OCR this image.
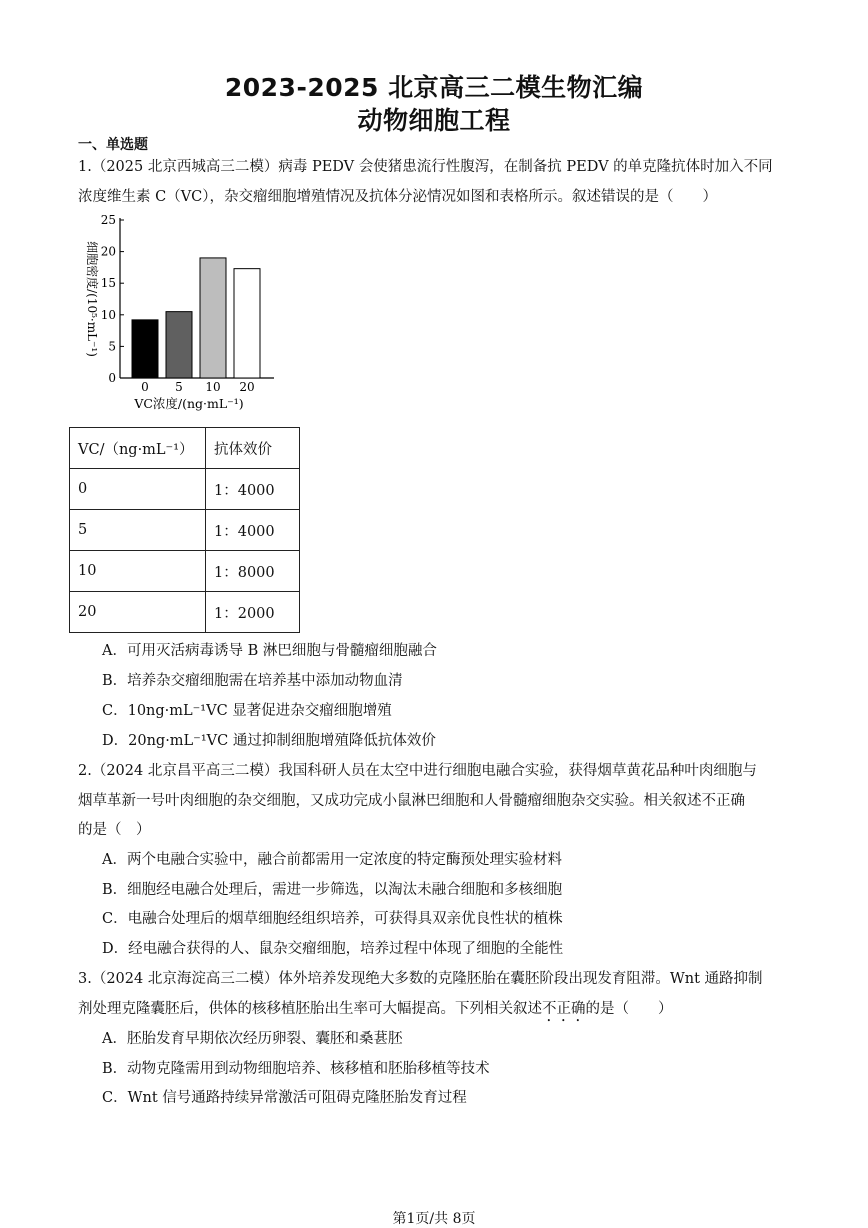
2023-2025 北京高三二模生物汇编
动物细胞工程
一、单选题
1.（2025 北京西城高三二模）病毒 PEDV 会使猪患流行性腹泻，在制备抗 PEDV 的单克隆抗体时加入不同
浓度维生素 C（VC），杂交瘤细胞增殖情况及抗体分泌情况如图和表格所示。叙述错误的是（　　）
0
5
10
15
20
25
0 5 10 20
VC浓度/(ng·mL⁻¹)
细胞密度/(10⁵·mL⁻¹)
VC/（ng·mL⁻¹）	抗体效价
0	1：4000
5	1：4000
10	1：8000
20	1：2000
A．可用灭活病毒诱导 B 淋巴细胞与骨髓瘤细胞融合
B．培养杂交瘤细胞需在培养基中添加动物血清
C．10ng·mL⁻¹VC 显著促进杂交瘤细胞增殖
D．20ng·mL⁻¹VC 通过抑制细胞增殖降低抗体效价
2.（2024 北京昌平高三二模）我国科研人员在太空中进行细胞电融合实验，获得烟草黄花品种叶肉细胞与
烟草革新一号叶肉细胞的杂交细胞，又成功完成小鼠淋巴细胞和人骨髓瘤细胞杂交实验。相关叙述不正确
的是（　）
A．两个电融合实验中，融合前都需用一定浓度的特定酶预处理实验材料
B．细胞经电融合处理后，需进一步筛选，以淘汰未融合细胞和多核细胞
C．电融合处理后的烟草细胞经组织培养，可获得具双亲优良性状的植株
D．经电融合获得的人、鼠杂交瘤细胞，培养过程中体现了细胞的全能性
3.（2024 北京海淀高三二模）体外培养发现绝大多数的克隆胚胎在囊胚阶段出现发育阻滞。Wnt 通路抑制
剂处理克隆囊胚后，供体的核移植胚胎出生率可大幅提高。下列相关叙述不正确的是（　　）
A．胚胎发育早期依次经历卵裂、囊胚和桑葚胚
B．动物克隆需用到动物细胞培养、核移植和胚胎移植等技术
C．Wnt 信号通路持续异常激活可阻碍克隆胚胎发育过程
第1页/共 8页
